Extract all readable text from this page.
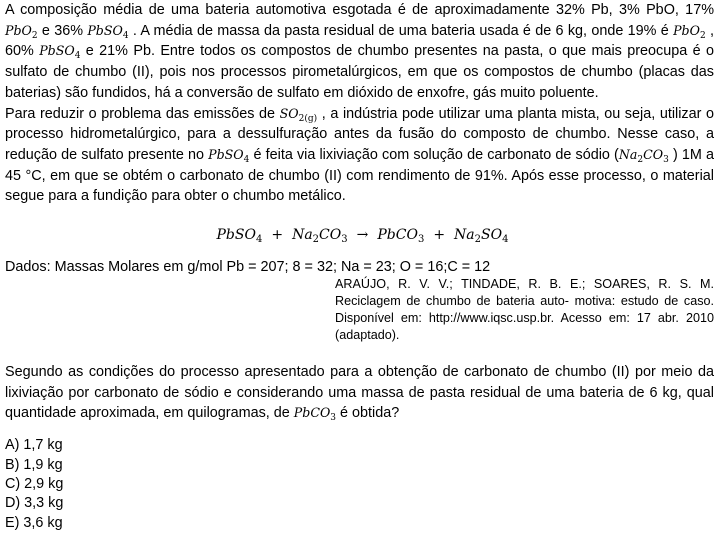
A composição média de uma bateria automotiva esgotada é de aproximadamente 32% Pb, 3% PbO, 17% PbO$_2$ e 36% PbSO$_4$ . A média de massa da pasta residual de uma bateria usada é de 6 kg, onde 19% é PbO$_2$ , 60% PbSO$_4$ e 21% Pb. Entre todos os compostos de chumbo presentes na pasta, o que mais preocupa é o sulfato de chumbo (II), pois nos processos pirometalúrgicos, em que os compostos de chumbo (placas das baterias) são fundidos, há a conversão de sulfato em dióxido de enxofre, gás muito poluente.

Para reduzir o problema das emissões de $SO_{2(g)}$ , a indústria pode utilizar uma planta mista, ou seja, utilizar o processo hidrometalúrgico, para a dessulfuração antes da fusão do composto de chumbo. Nesse caso, a redução de sulfato presente no PbSO$_4$ é feita via lixiviação com solução de carbonato de sódio ($Na_2CO_3$ ) 1M a 45 °C, em que se obtém o carbonato de chumbo (II) com rendimento de 91%. Após esse processo, o material segue para a fundição para obter o chumbo metálico.

PbSO$_4$ + $Na_2CO_3$ → PbCO$_3$ + $Na_2SO_4$

Dados: Massas Molares em g/mol Pb = 207; 8 = 32; Na = 23; O = 16;C = 12

ARAÚJO, R. V. V.; TINDADE, R. B. E.; SOARES, R. S. M. Reciclagem de chumbo de bateria auto- motiva: estudo de caso. Disponível em: http://www.iqsc.usp.br. Acesso em: 17 abr. 2010 (adaptado).

Segundo as condições do processo apresentado para a obtenção de carbonato de chumbo (II) por meio da lixiviação por carbonato de sódio e considerando uma massa de pasta residual de uma bateria de 6 kg, qual quantidade aproximada, em quilogramas, de PbCO$_3$ é obtida?

A) 1,7 kg
B) 1,9 kg
C) 2,9 kg
D) 3,3 kg
E) 3,6 kg
